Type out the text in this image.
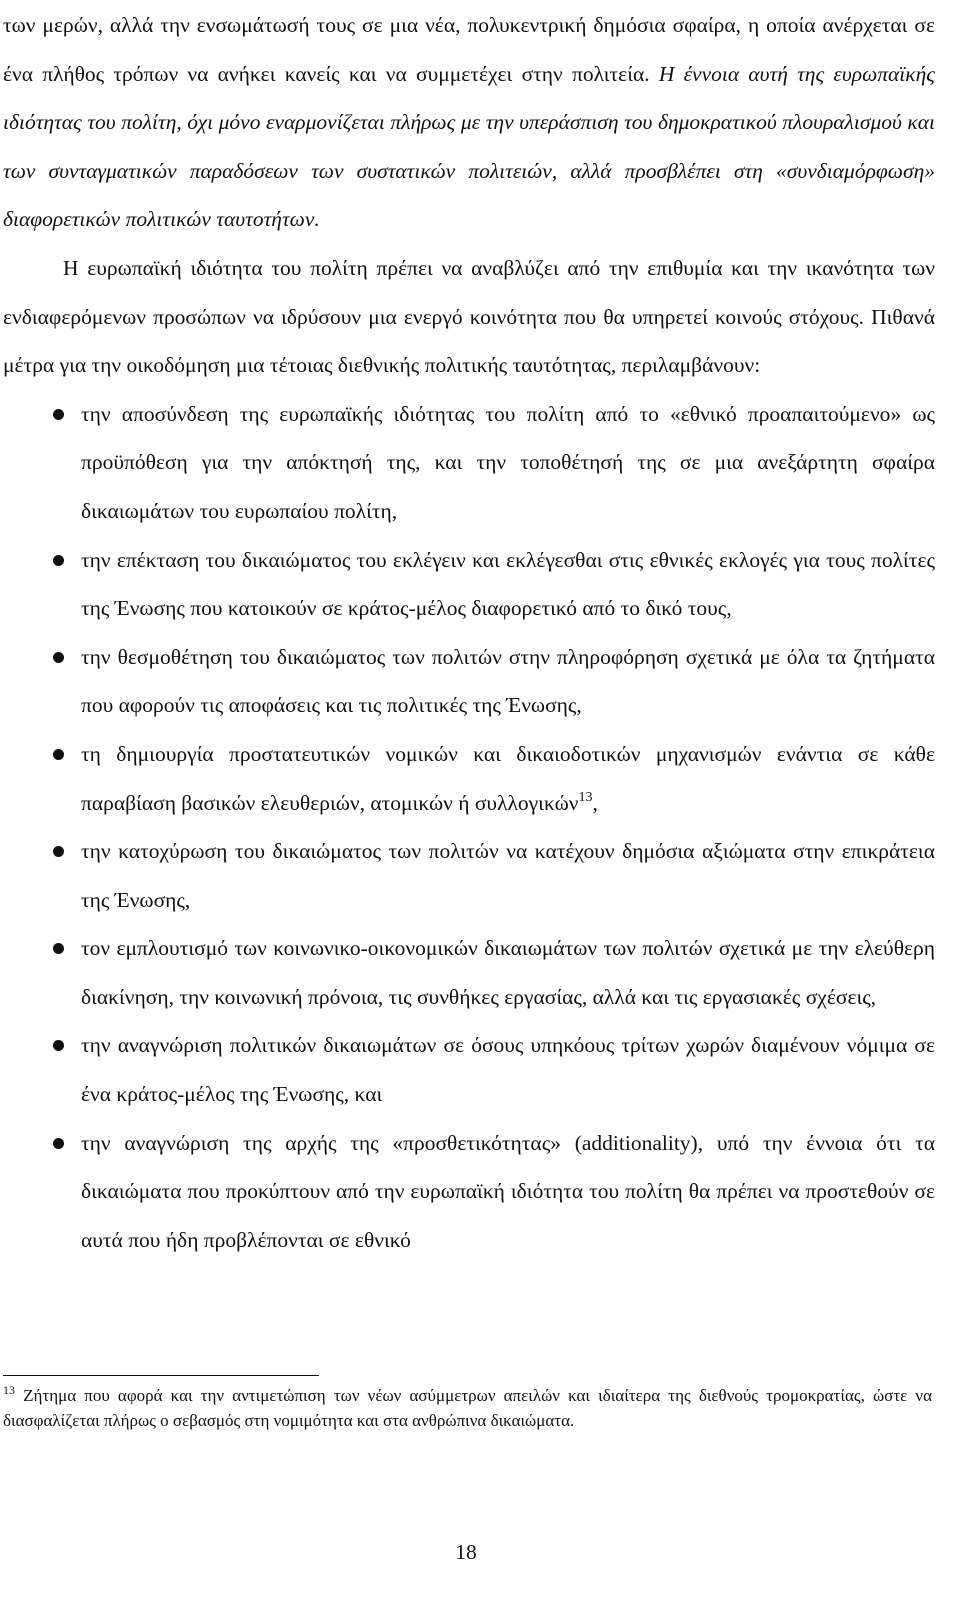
των μερών, αλλά την ενσωμάτωσή τους σε μια νέα, πολυκεντρική δημόσια σφαίρα, η οποία ανέρχεται σε ένα πλήθος τρόπων να ανήκει κανείς και να συμμετέχει στην πολιτεία. Η έννοια αυτή της ευρωπαϊκής ιδιότητας του πολίτη, όχι μόνο εναρμονίζεται πλήρως με την υπεράσπιση του δημοκρατικού πλουραλισμού και των συνταγματικών παραδόσεων των συστατικών πολιτειών, αλλά προσβλέπει στη «συνδιαμόρφωση» διαφορετικών πολιτικών ταυτοτήτων.

Η ευρωπαϊκή ιδιότητα του πολίτη πρέπει να αναβλύζει από την επιθυμία και την ικανότητα των ενδιαφερόμενων προσώπων να ιδρύσουν μια ενεργό κοινότητα που θα υπηρετεί κοινούς στόχους. Πιθανά μέτρα για την οικοδόμηση μια τέτοιας διεθνικής πολιτικής ταυτότητας, περιλαμβάνουν:

την αποσύνδεση της ευρωπαϊκής ιδιότητας του πολίτη από το «εθνικό προαπαιτούμενο» ως προϋπόθεση για την απόκτησή της, και την τοποθέτησή της σε μια ανεξάρτητη σφαίρα δικαιωμάτων του ευρωπαίου πολίτη,
την επέκταση του δικαιώματος του εκλέγειν και εκλέγεσθαι στις εθνικές εκλογές για τους πολίτες της Ένωσης που κατοικούν σε κράτος-μέλος διαφορετικό από το δικό τους,
την θεσμοθέτηση του δικαιώματος των πολιτών στην πληροφόρηση σχετικά με όλα τα ζητήματα που αφορούν τις αποφάσεις και τις πολιτικές της Ένωσης,
τη δημιουργία προστατευτικών νομικών και δικαιοδοτικών μηχανισμών ενάντια σε κάθε παραβίαση βασικών ελευθεριών, ατομικών ή συλλογικών$^{13}$,
την κατοχύρωση του δικαιώματος των πολιτών να κατέχουν δημόσια αξιώματα στην επικράτεια της Ένωσης,
τον εμπλουτισμό των κοινωνικο-οικονομικών δικαιωμάτων των πολιτών σχετικά με την ελεύθερη διακίνηση, την κοινωνική πρόνοια, τις συνθήκες εργασίας, αλλά και τις εργασιακές σχέσεις,
την αναγνώριση πολιτικών δικαιωμάτων σε όσους υπηκόους τρίτων χωρών διαμένουν νόμιμα σε ένα κράτος-μέλος της Ένωσης, και
την αναγνώριση της αρχής της «προσθετικότητας» (additionality), υπό την έννοια ότι τα δικαιώματα που προκύπτουν από την ευρωπαϊκή ιδιότητα του πολίτη θα πρέπει να προστεθούν σε αυτά που ήδη προβλέπονται σε εθνικό
$^{13}$ Ζήτημα που αφορά και την αντιμετώπιση των νέων ασύμμετρων απειλών και ιδιαίτερα της διεθνούς τρομοκρατίας, ώστε να διασφαλίζεται πλήρως ο σεβασμός στη νομιμότητα και στα ανθρώπινα δικαιώματα.
18
